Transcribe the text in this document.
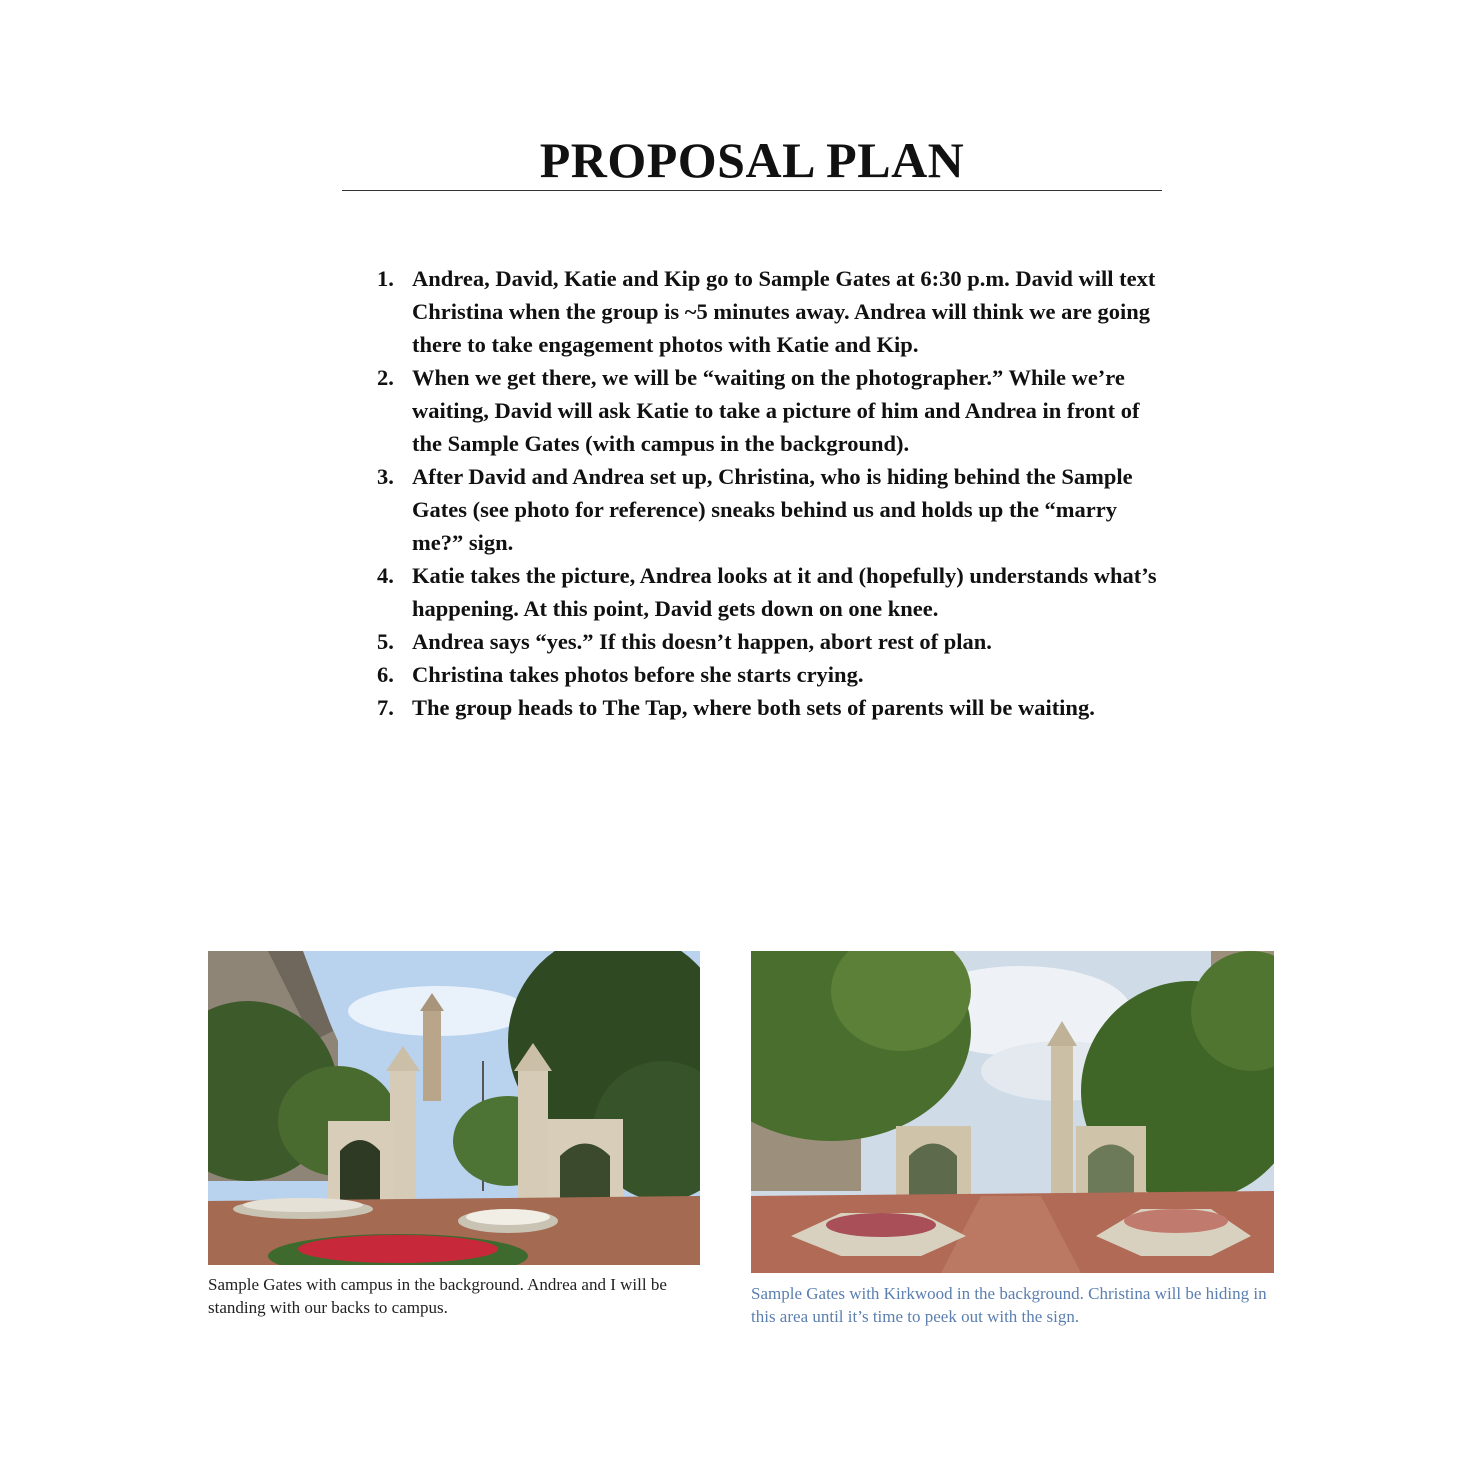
PROPOSAL PLAN
1. Andrea, David, Katie and Kip go to Sample Gates at 6:30 p.m. David will text Christina when the group is ~5 minutes away. Andrea will think we are going there to take engagement photos with Katie and Kip.
2. When we get there, we will be “waiting on the photographer.” While we’re waiting, David will ask Katie to take a picture of him and Andrea in front of the Sample Gates (with campus in the background).
3. After David and Andrea set up, Christina, who is hiding behind the Sample Gates (see photo for reference) sneaks behind us and holds up the “marry me?” sign.
4. Katie takes the picture, Andrea looks at it and (hopefully) understands what’s happening. At this point, David gets down on one knee.
5. Andrea says “yes.” If this doesn’t happen, abort rest of plan.
6. Christina takes photos before she starts crying.
7. The group heads to The Tap, where both sets of parents will be waiting.

Sample Gates with campus in the background. Andrea and I will be standing with our backs to campus.

Sample Gates with Kirkwood in the background. Christina will be hiding in this area until it’s time to peek out with the sign.
